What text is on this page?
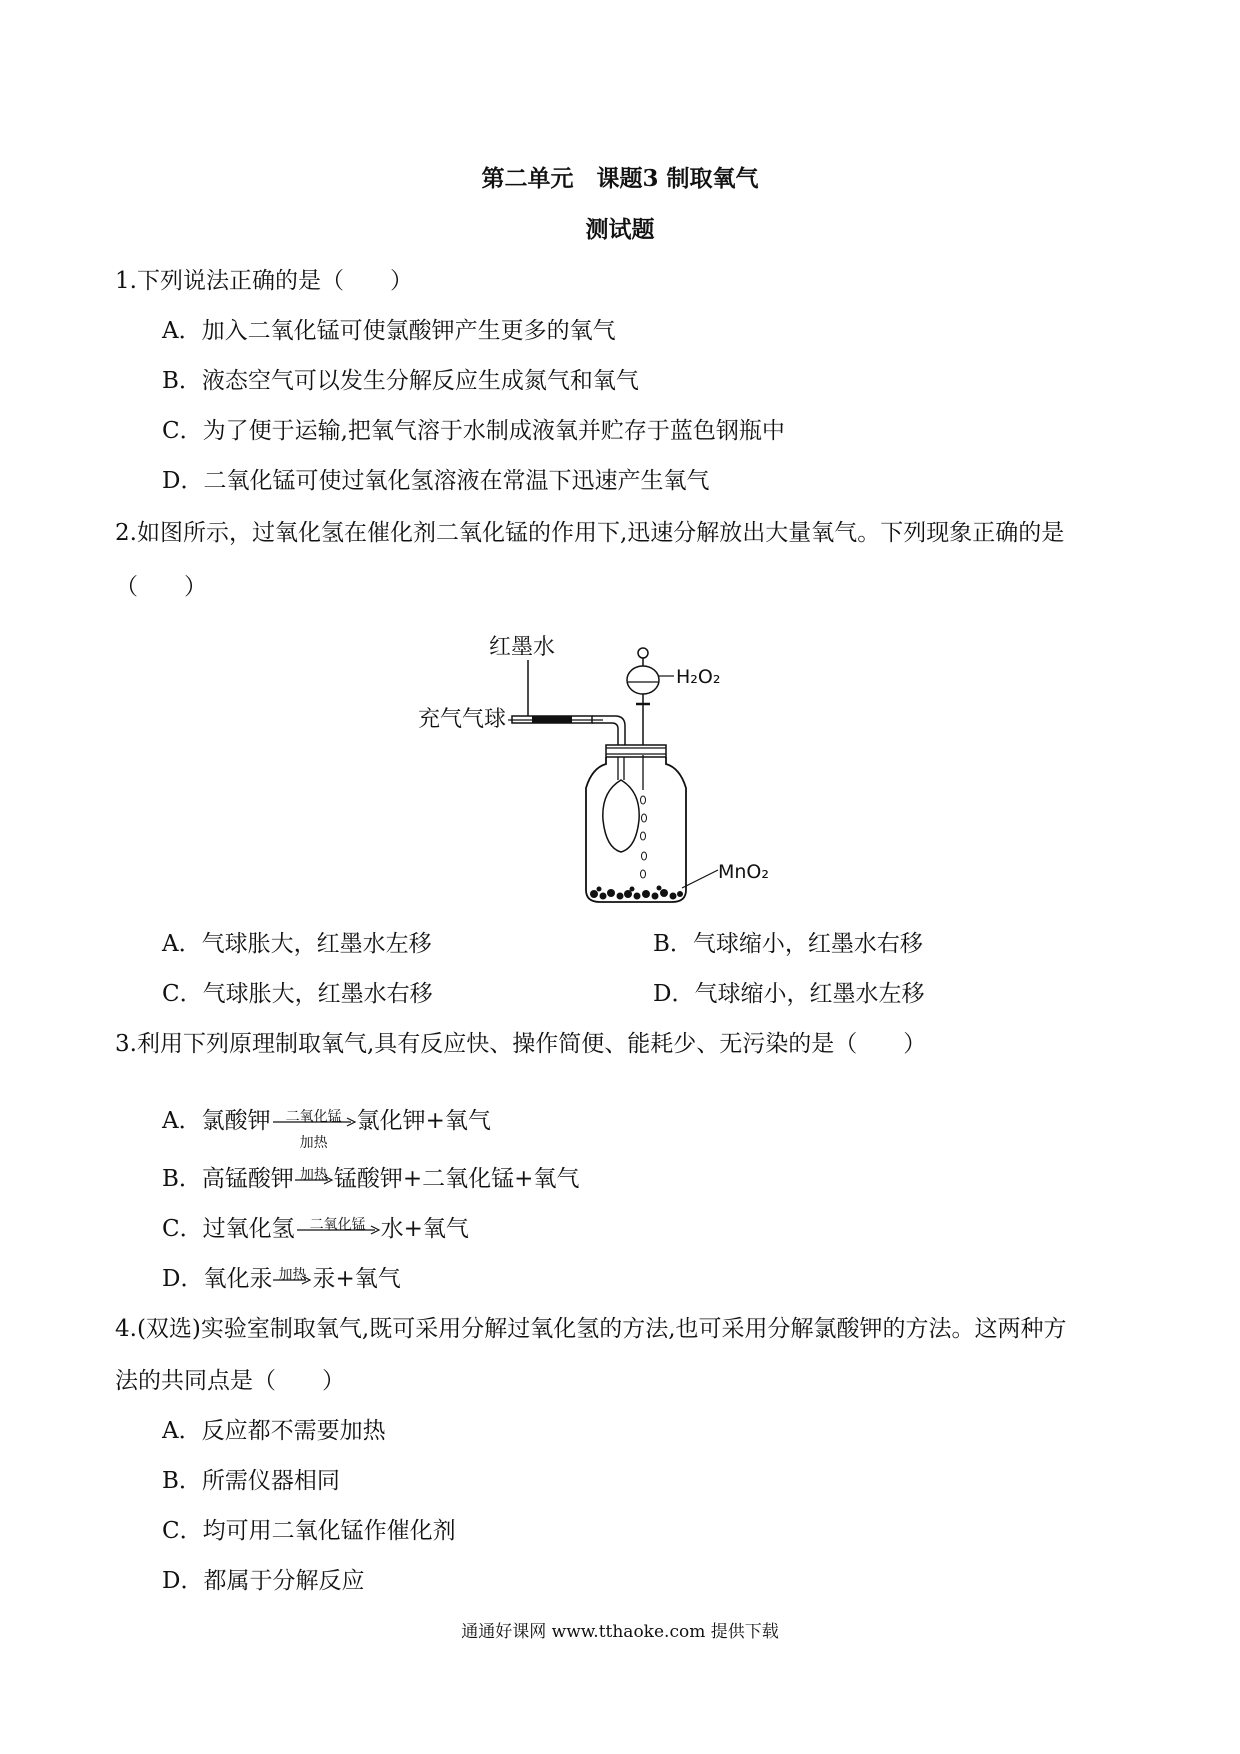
第二单元　课题3 制取氧气
测试题
1.下列说法正确的是（　　）
A．加入二氧化锰可使氯酸钾产生更多的氧气
B．液态空气可以发生分解反应生成氮气和氧气
C．为了便于运输,把氧气溶于水制成液氧并贮存于蓝色钢瓶中
D．二氧化锰可使过氧化氢溶液在常温下迅速产生氧气
2.如图所示，过氧化氢在催化剂二氧化锰的作用下,迅速分解放出大量氧气。下列现象正确的是
（　　）
红墨水
H₂O₂
充气气球
MnO₂
A．气球胀大，红墨水左移	B．气球缩小，红墨水右移
C．气球胀大，红墨水右移	D．气球缩小，红墨水左移
3.利用下列原理制取氧气,具有反应快、操作简便、能耗少、无污染的是（　　）
A．氯酸钾	二氧化锰
加热
氯化钾+氧气
B．高锰酸钾 加热 锰酸钾+二氧化锰+氧气
C．过氧化氢	二氧化锰 水+氧气
D．氧化汞 加热 汞+氧气
4.(双选)实验室制取氧气,既可采用分解过氧化氢的方法,也可采用分解氯酸钾的方法。这两种方
法的共同点是（　　）
A．反应都不需要加热
B．所需仪器相同
C．均可用二氧化锰作催化剂
D．都属于分解反应
通通好课网 www.tthaoke.com 提供下载
